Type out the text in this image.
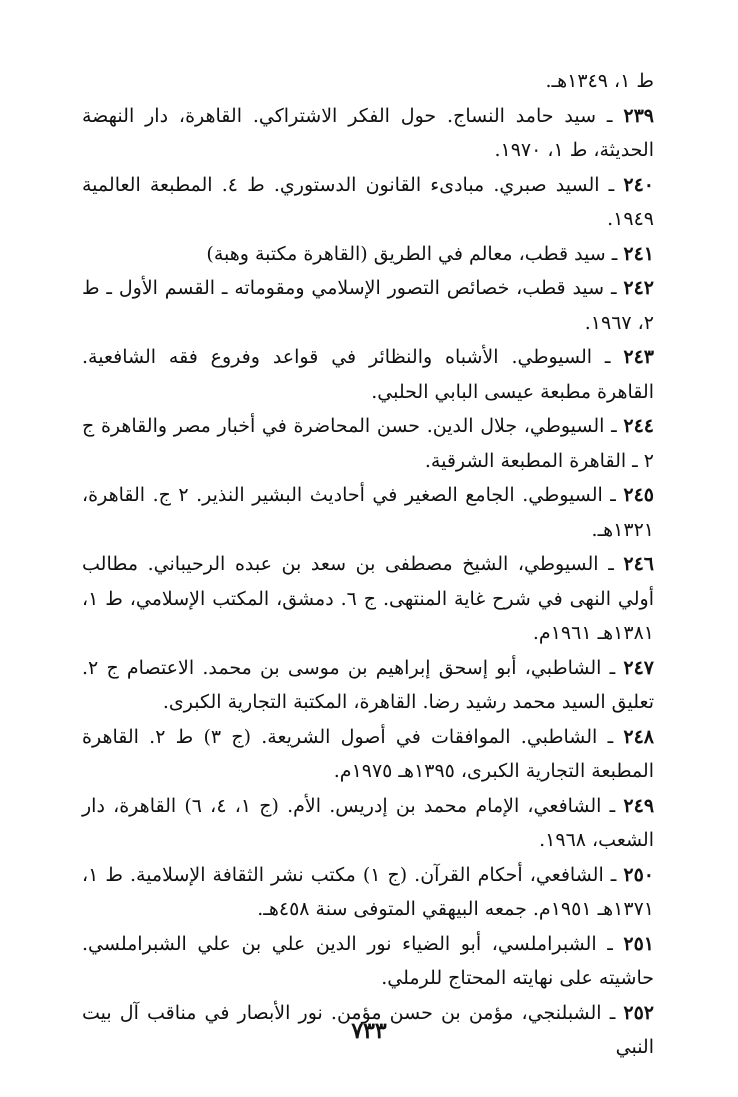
ط ١، ١٣٤٩هـ.

٢٣٩ ـ سيد حامد النساج. حول الفكر الاشتراكي. القاهرة، دار النهضة الحديثة، ط ١، ١٩٧٠.

٢٤٠ ـ السيد صبري. مبادىء القانون الدستوري. ط ٤. المطبعة العالمية ١٩٤٩.

٢٤١ ـ سيد قطب، معالم في الطريق (القاهرة مكتبة وهبة)

٢٤٢ ـ سيد قطب، خصائص التصور الإسلامي ومقوماته ـ القسم الأول ـ ط ٢، ١٩٦٧.

٢٤٣ ـ السيوطي. الأشباه والنظائر في قواعد وفروع فقه الشافعية. القاهرة مطبعة عيسى البابي الحلبي.

٢٤٤ ـ السيوطي، جلال الدين. حسن المحاضرة في أخبار مصر والقاهرة ج ٢ ـ القاهرة المطبعة الشرقية.

٢٤٥ ـ السيوطي. الجامع الصغير في أحاديث البشير النذير. ٢ ج. القاهرة، ١٣٢١هـ.

٢٤٦ ـ السيوطي، الشيخ مصطفى بن سعد بن عبده الرحيباني. مطالب أولي النهى في شرح غاية المنتهى. ج ٦. دمشق، المكتب الإسلامي، ط ١، ١٣٨١هـ ١٩٦١م.

٢٤٧ ـ الشاطبي، أبو إسحق إبراهيم بن موسى بن محمد. الاعتصام ج ٢. تعليق السيد محمد رشيد رضا. القاهرة، المكتبة التجارية الكبرى.

٢٤٨ ـ الشاطبي. الموافقات في أصول الشريعة. (ج ٣) ط ٢. القاهرة المطبعة التجارية الكبرى، ١٣٩٥هـ ١٩٧٥م.

٢٤٩ ـ الشافعي، الإمام محمد بن إدريس. الأم. (ج ١، ٤، ٦) القاهرة، دار الشعب، ١٩٦٨.

٢٥٠ ـ الشافعي، أحكام القرآن. (ج ١) مكتب نشر الثقافة الإسلامية. ط ١، ١٣٧١هـ ١٩٥١م. جمعه البيهقي المتوفى سنة ٤٥٨هـ.

٢٥١ ـ الشبراملسي، أبو الضياء نور الدين علي بن علي الشبراملسي. حاشيته على نهايته المحتاج للرملي.

٢٥٢ ـ الشبلنجي، مؤمن بن حسن مؤمن. نور الأبصار في مناقب آل بيت النبي

٧٣٣
